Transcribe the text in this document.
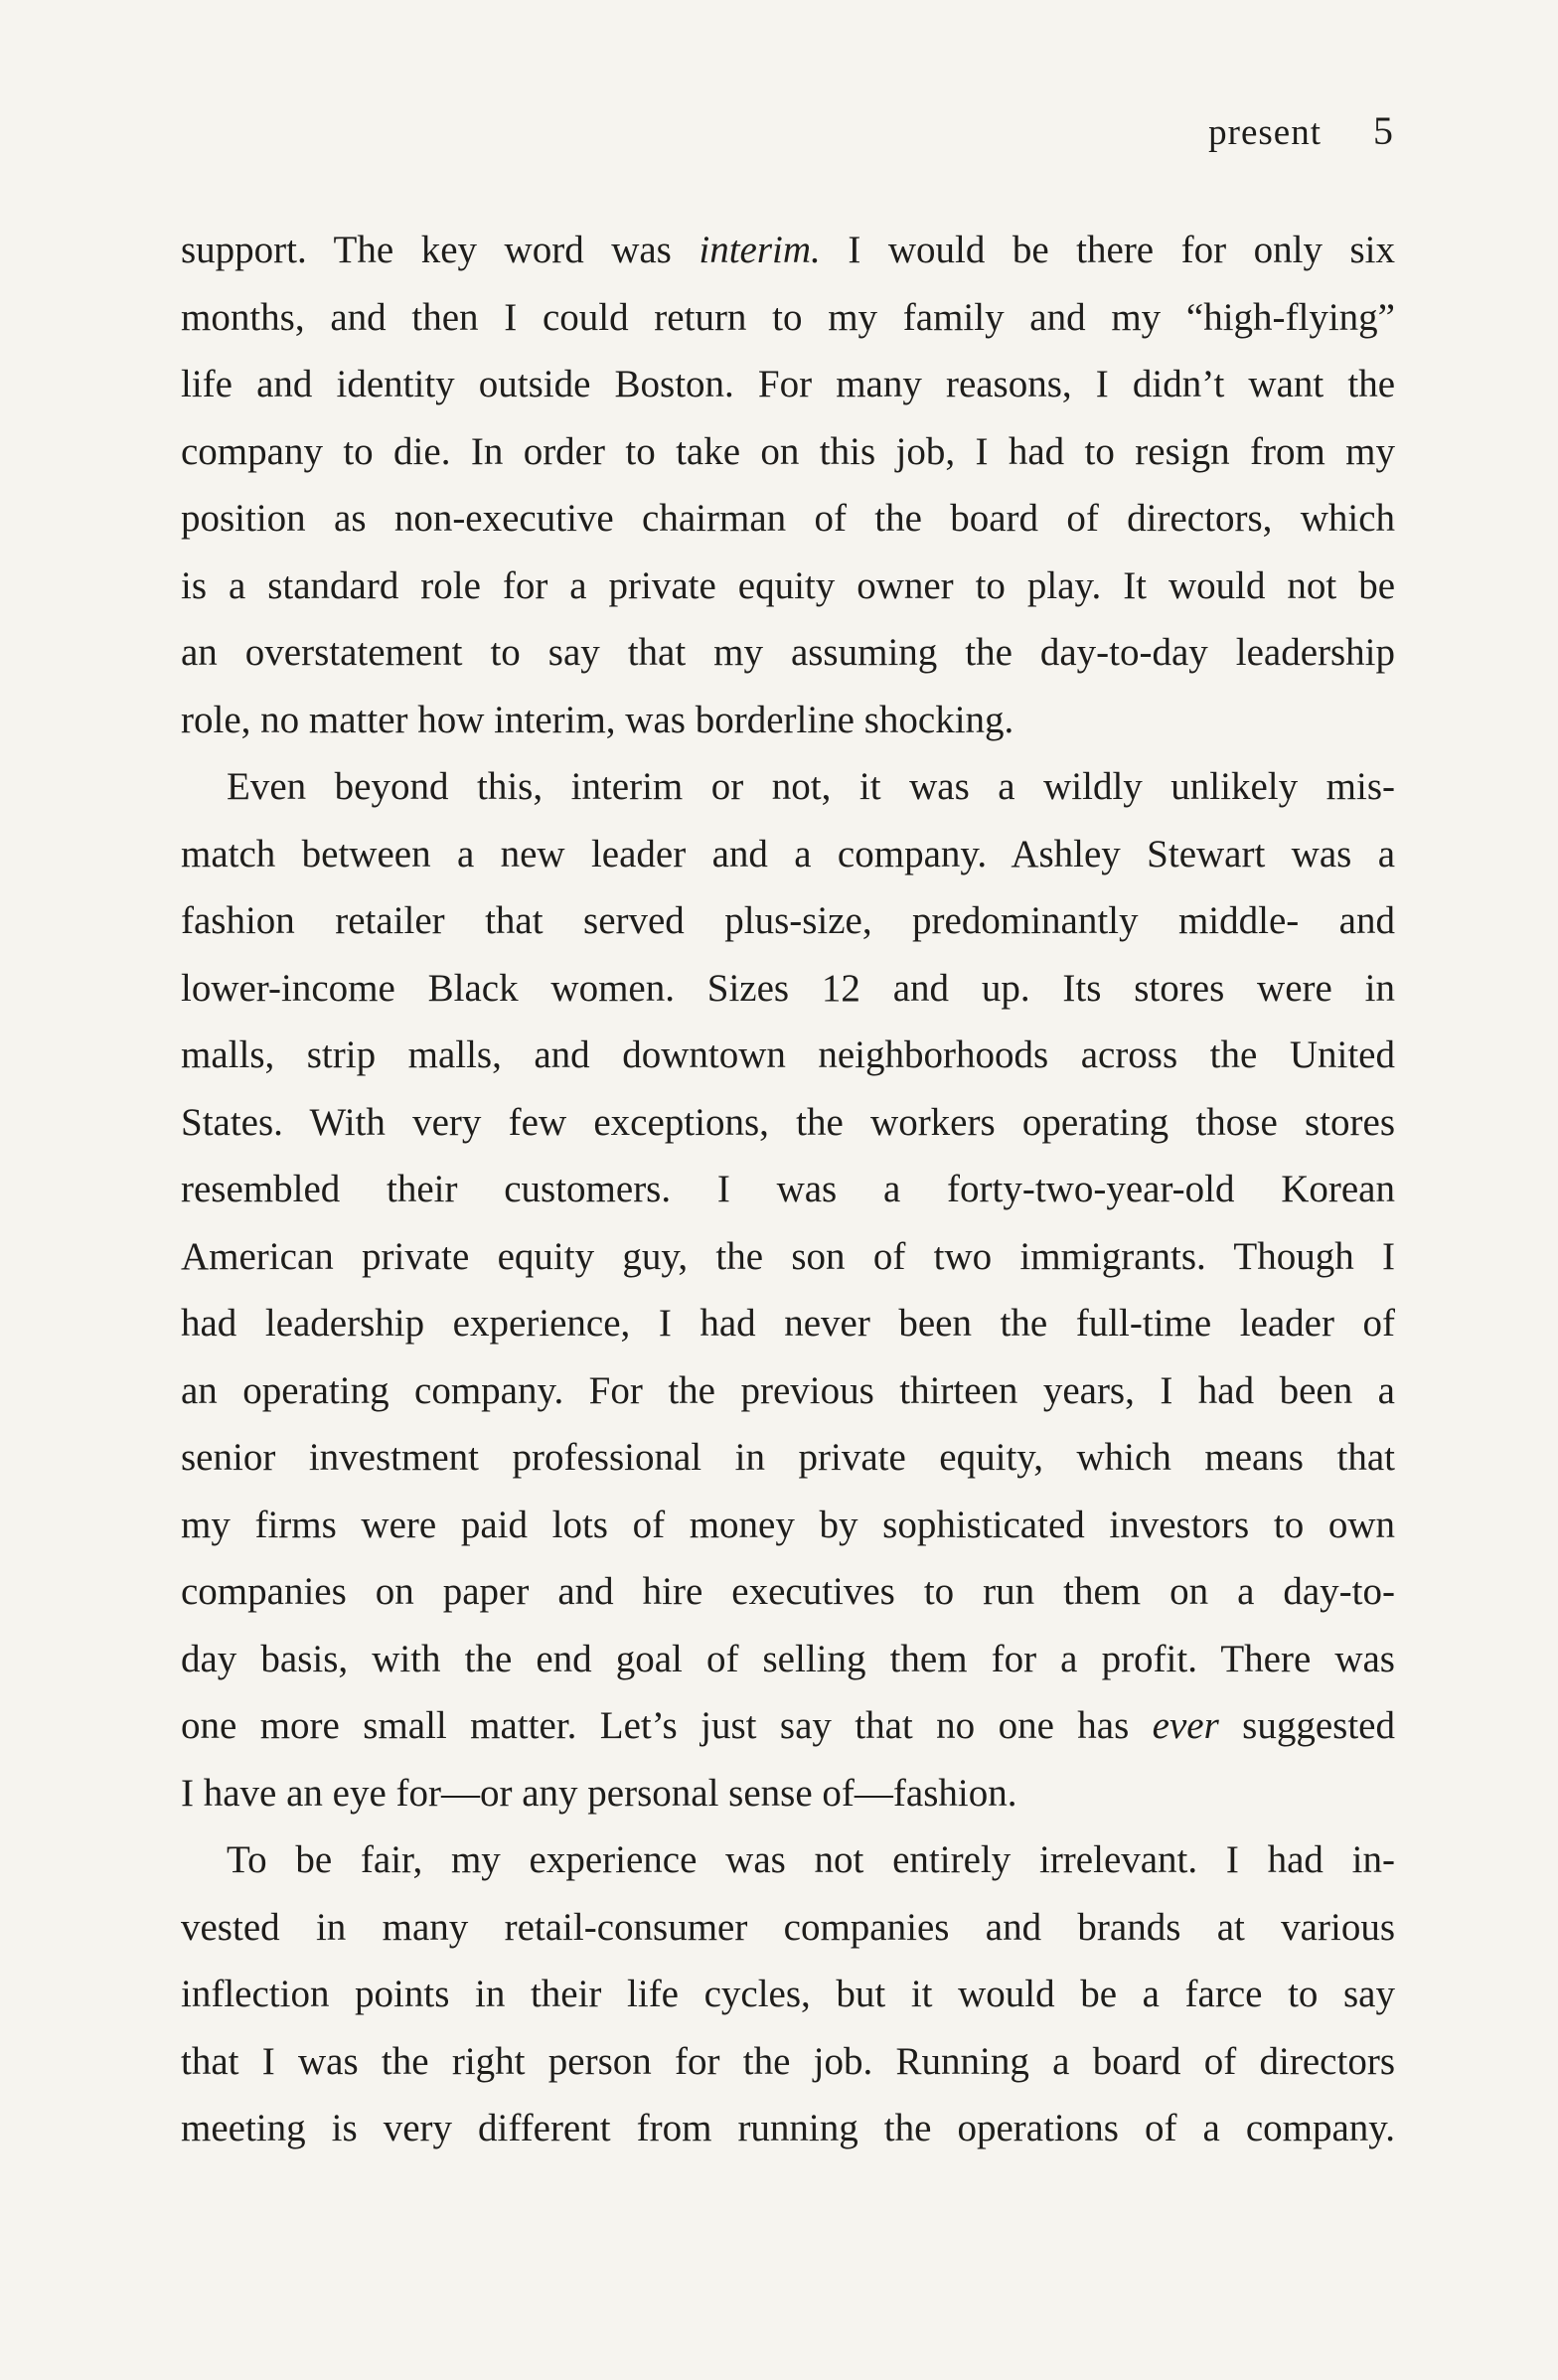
present 5
support. The key word was interim. I would be there for only six
months, and then I could return to my family and my “high-flying”
life and identity outside Boston. For many reasons, I didn’t want the
company to die. In order to take on this job, I had to resign from my
position as non-executive chairman of the board of directors, which
is a standard role for a private equity owner to play. It would not be
an overstatement to say that my assuming the day-to-day leadership
role, no matter how interim, was borderline shocking.
Even beyond this, interim or not, it was a wildly unlikely mis-
match between a new leader and a company. Ashley Stewart was a
fashion retailer that served plus-size, predominantly middle- and
lower-income Black women. Sizes 12 and up. Its stores were in
malls, strip malls, and downtown neighborhoods across the United
States. With very few exceptions, the workers operating those stores
resembled their customers. I was a forty-two-year-old Korean
American private equity guy, the son of two immigrants. Though I
had leadership experience, I had never been the full-time leader of
an operating company. For the previous thirteen years, I had been a
senior investment professional in private equity, which means that
my firms were paid lots of money by sophisticated investors to own
companies on paper and hire executives to run them on a day-to-
day basis, with the end goal of selling them for a profit. There was
one more small matter. Let’s just say that no one has ever suggested
I have an eye for—or any personal sense of—fashion.
To be fair, my experience was not entirely irrelevant. I had in-
vested in many retail-consumer companies and brands at various
inflection points in their life cycles, but it would be a farce to say
that I was the right person for the job. Running a board of directors
meeting is very different from running the operations of a company.
